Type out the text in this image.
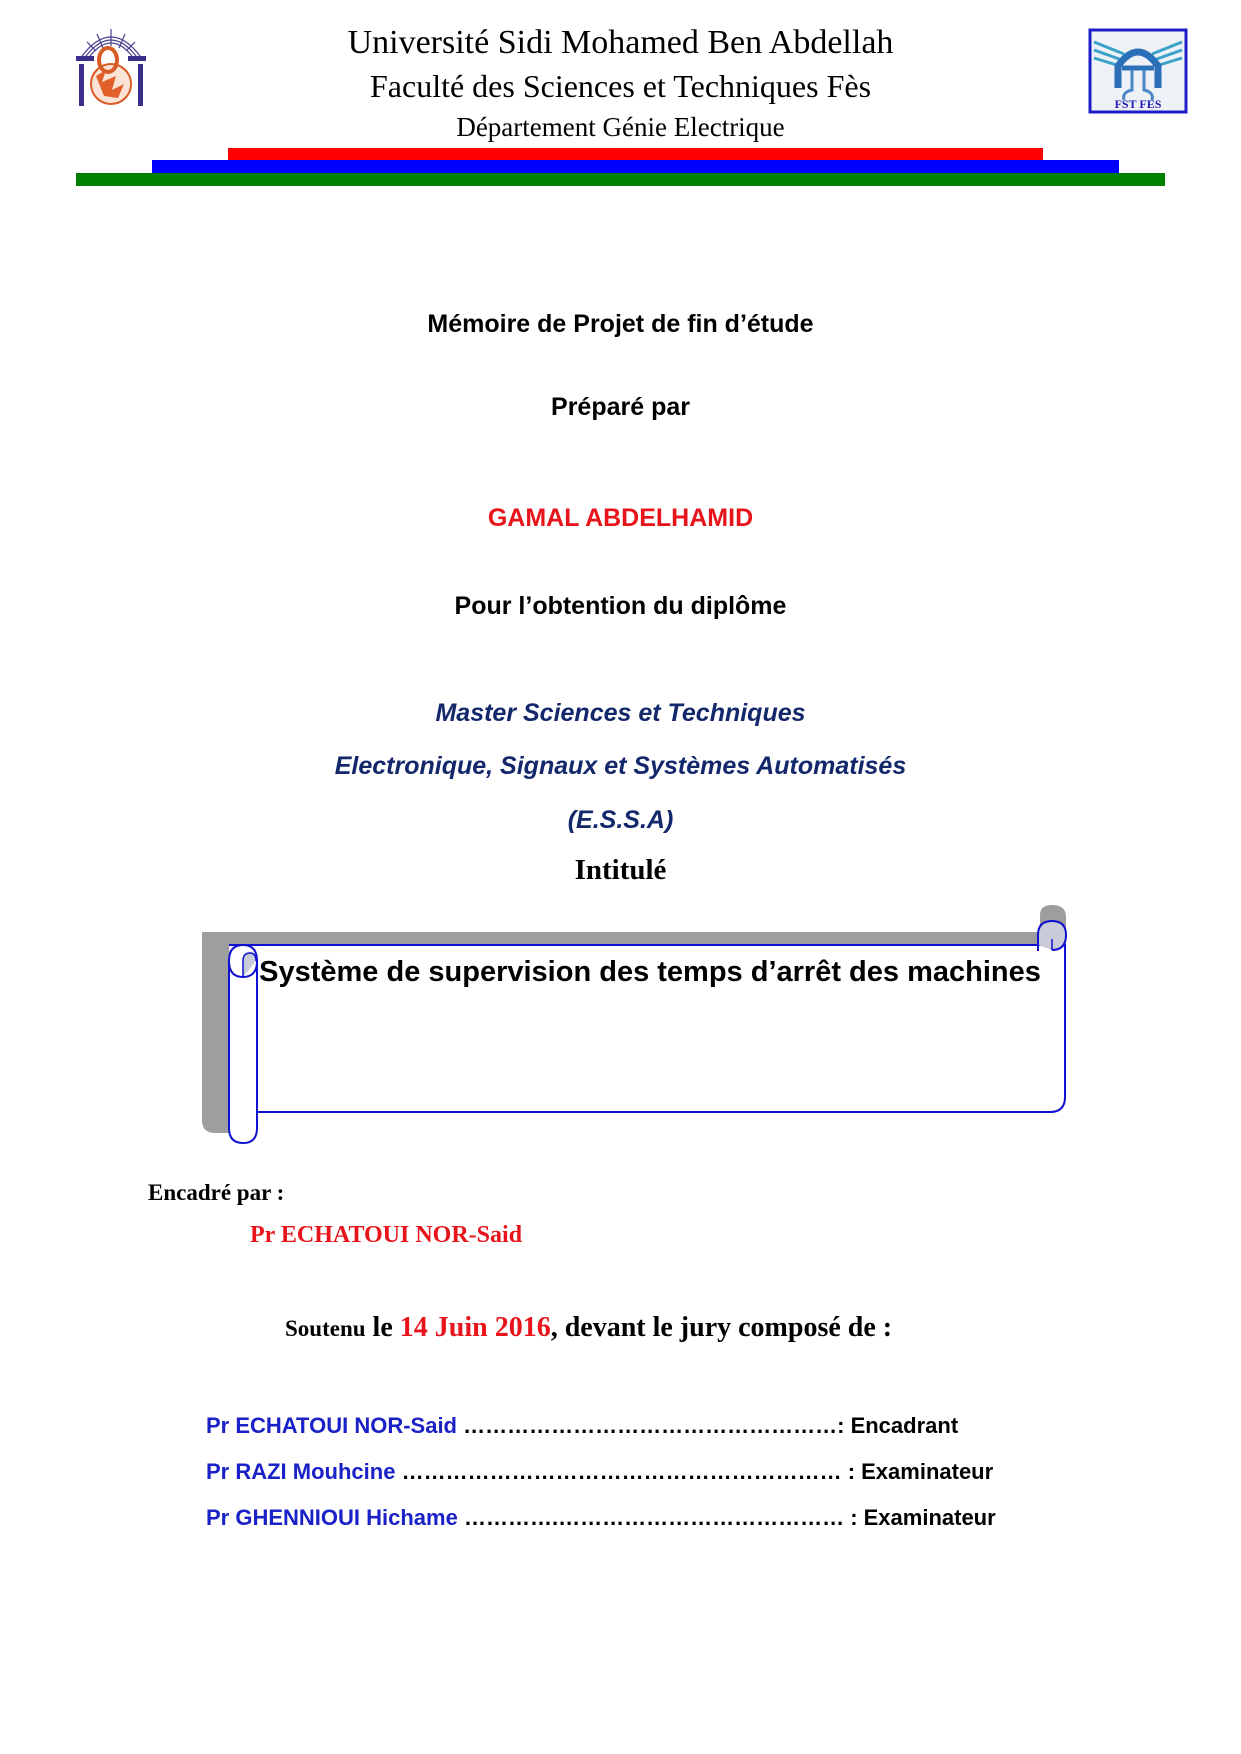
Université Sidi Mohamed Ben Abdellah
Faculté des Sciences et Techniques Fès
Département Génie Electrique
FST FES
Mémoire de Projet de fin d’étude
Préparé par
GAMAL ABDELHAMID
Pour l’obtention du diplôme
Master Sciences et Techniques
Electronique, Signaux et Systèmes Automatisés
(E.S.S.A)
Intitulé
Système de supervision des temps d’arrêt des machines
Encadré par :
Pr ECHATOUI NOR-Said
Soutenu le 14 Juin 2016, devant le jury composé de :
Pr ECHATOUI NOR-Said ……………………………………………: Encadrant
Pr RAZI Mouhcine …………………………………………………… : Examinateur
Pr GHENNIOUI Hichame ………….………………………………… : Examinateur
